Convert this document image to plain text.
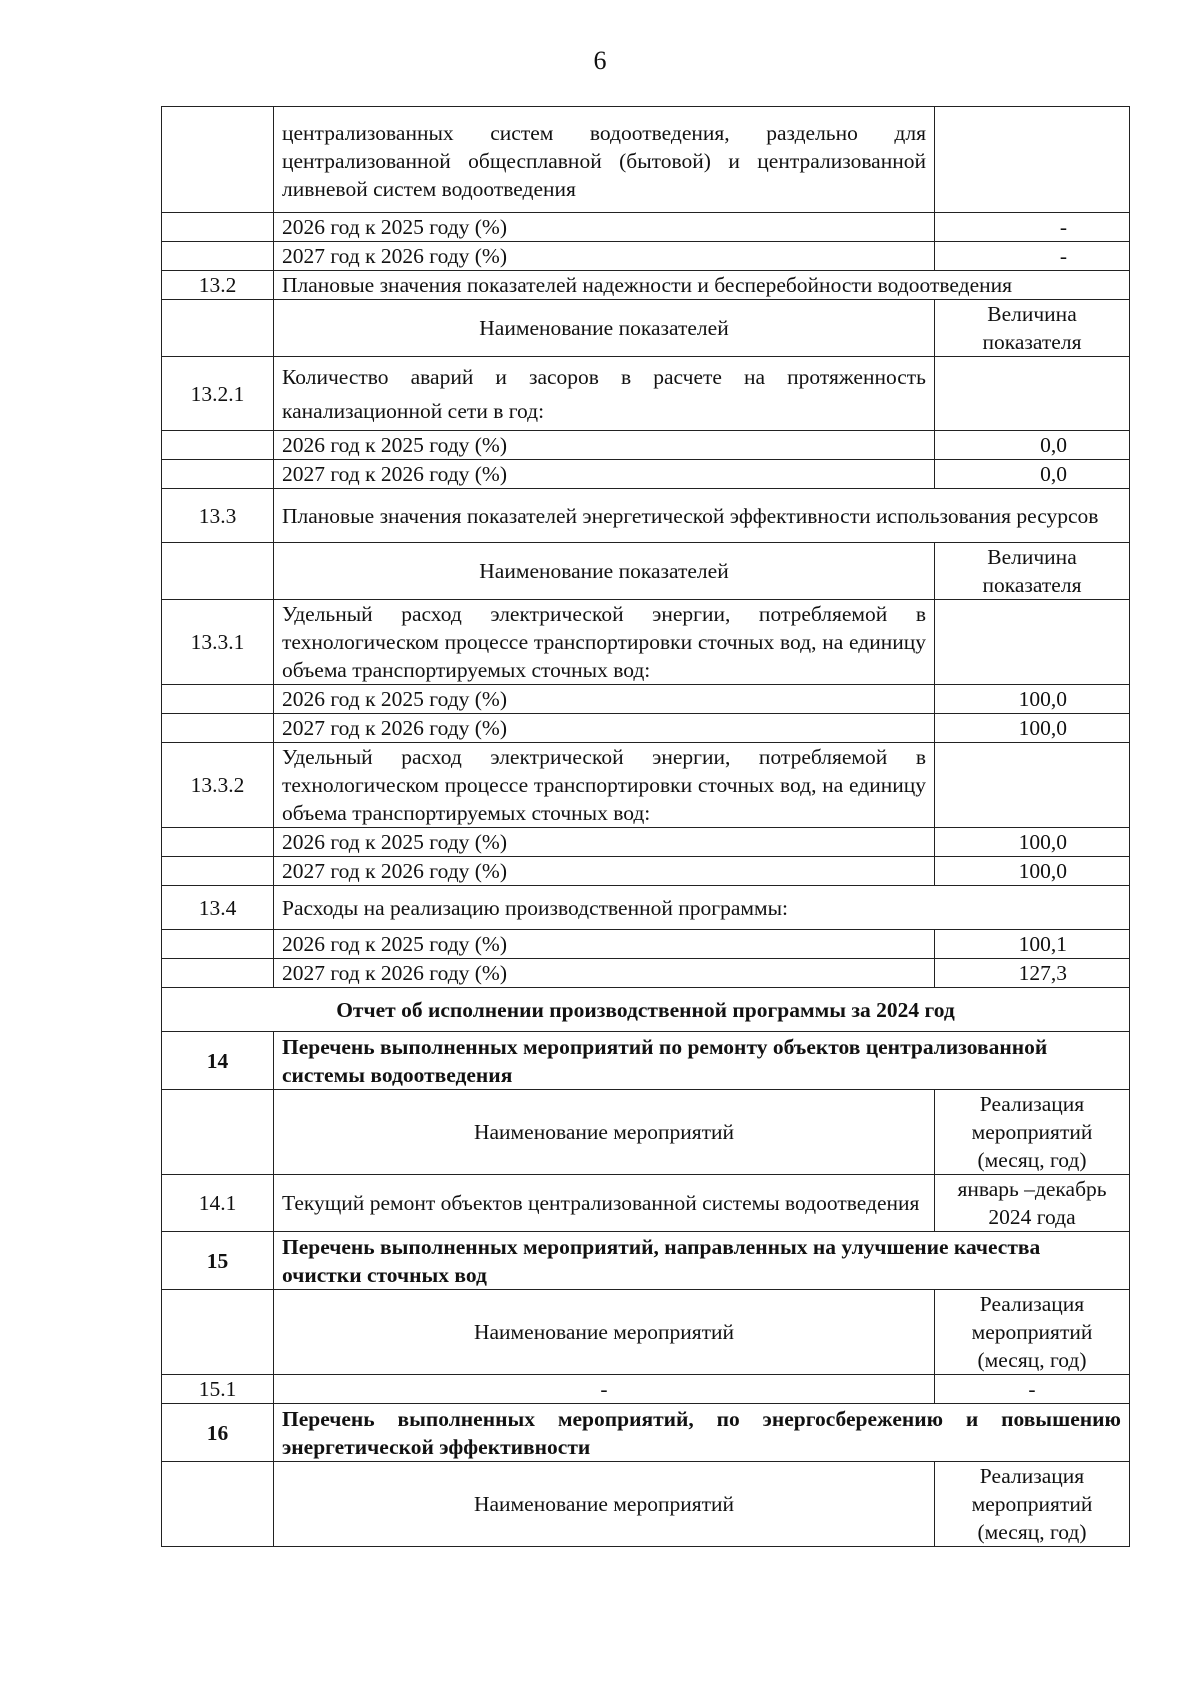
6
	централизованных систем водоотведения, раздельно для централизованной общесплавной (бытовой) и централизованной ливневой систем водоотведения	
	2026 год к 2025 году (%)	-
	2027 год к 2026 году (%)	-
13.2	Плановые значения показателей надежности и бесперебойности водоотведения	
	Наименование показателей	Величина показателя
13.2.1	Количество аварий и засоров в расчете на протяженность канализационной сети в год:	
	2026 год к 2025 году (%)	0,0
	2027 год к 2026 году (%)	0,0
13.3	Плановые значения показателей энергетической эффективности использования ресурсов	
	Наименование показателей	Величина показателя
13.3.1	Удельный расход электрической энергии, потребляемой в технологическом процессе транспортировки сточных вод, на единицу объема транспортируемых сточных вод:	
	2026 год к 2025 году (%)	100,0
	2027 год к 2026 году (%)	100,0
13.3.2	Удельный расход электрической энергии, потребляемой в технологическом процессе транспортировки сточных вод, на единицу объема транспортируемых сточных вод:	
	2026 год к 2025 году (%)	100,0
	2027 год к 2026 году (%)	100,0
13.4	Расходы на реализацию производственной программы:	
	2026 год к 2025 году (%)	100,1
	2027 год к 2026 году (%)	127,3
Отчет об исполнении производственной программы за 2024 год		
14	Перечень выполненных мероприятий по ремонту объектов централизованной системы водоотведения	
	Наименование мероприятий	Реализация мероприятий (месяц, год)
14.1	Текущий ремонт объектов централизованной системы водоотведения	январь –декабрь 2024 года
15	Перечень выполненных мероприятий, направленных на улучшение качества очистки сточных вод	
	Наименование мероприятий	Реализация мероприятий (месяц, год)
15.1	-	-
16	Перечень выполненных мероприятий, по энергосбережению и повышению энергетической эффективности	
	Наименование мероприятий	Реализация мероприятий (месяц, год)
